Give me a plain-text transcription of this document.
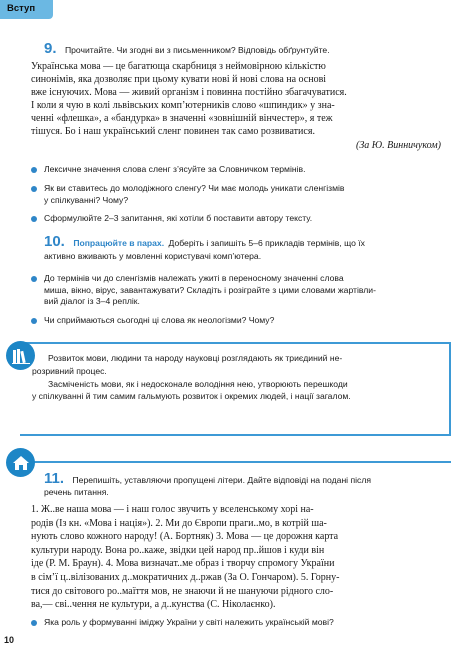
Вступ
9. Прочитайте. Чи згодні ви з письменником? Відповідь обґрунтуйте.
Українська мова — це багатюща скарбниця з неймовірною кількістю
синонімів, яка дозволяє при цьому кувати нові й нові слова на основі
вже існуючих. Мова — живий організм і повинна постійно збагачуватися.
І коли я чую в колі львівських комп’ютерників слово «шпиндик» у зна-
ченні «флешка», а «бандурка» в значенні «зовнішній вінчестер», я теж
тішуся. Бо і наш український сленг повинен так само розвиватися.
(За Ю. Винничуком)
Лексичне значення слова сленг з’ясуйте за Словничком термінів.
Як ви ставитесь до молодіжного сленгу? Чи має молодь уникати сленгізмів
у спілкуванні? Чому?
Сформулюйте 2–3 запитання, які хотіли б поставити автору тексту.
10. Попрацюйте в парах. Доберіть і запишіть 5–6 прикладів термінів, що їх
активно вживають у мовленні користувачі комп’ютера.
До термінів чи до сленгізмів належать ужиті в переносному значенні слова
миша, вікно, вірус, завантажувати? Складіть і розіграйте з цими словами жартівли-
вий діалог із 3–4 реплік.
Чи сприймаються сьогодні ці слова як неологізми? Чому?
Розвиток мови, людини та народу науковці розглядають як триєдиний не-
розривний процес.
Засміченість мови, як і недосконале володіння нею, утворюють перешкоди
у спілкуванні й тим самим гальмують розвиток і окремих людей, і нації загалом.
11. Перепишіть, уставляючи пропущені літери. Дайте відповіді на подані після
речень питання.
1. Ж..ве наша мова — і наш голос звучить у вселенському хорі на-
родів (Із кн. «Мова і нація»). 2. Ми до Європи праги..мо, в котрій ша-
нують слово кожного народу! (А. Бортняк) 3. Мова — це дорожня карта
культури народу. Вона ро..каже, звідки цей народ пр..йшов і куди він
іде (Р. М. Браун). 4. Мова визначат..ме образ і творчу спромогу України
в сім’ї ц..вілізованих д..мократичних д..ржав (За О. Гончаром). 5. Горну-
тися до світового ро..маїття мов, не знаючи й не шануючи рідного сло-
ва,— сві..чення не культури, а д..кунства (С. Ніколаєнко).
Яка роль у формуванні іміджу України у світі належить українській мові?
10
